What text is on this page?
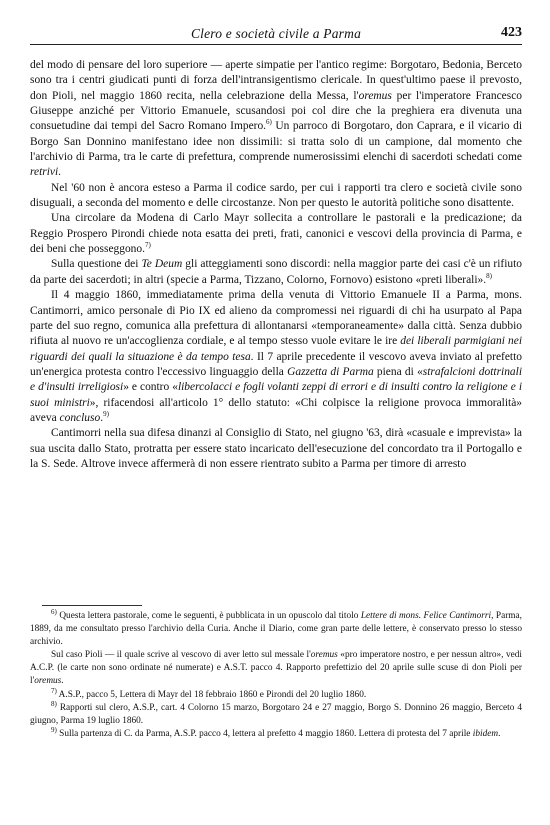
Clero e società civile a Parma	423

del modo di pensare del loro superiore — aperte simpatie per l'antico regime: Borgotaro, Bedonia, Berceto sono tra i centri giudicati punti di forza dell'intransigentismo clericale. In quest'ultimo paese il prevosto, don Pioli, nel maggio 1860 recita, nella celebrazione della Messa, l'oremus per l'imperatore Francesco Giuseppe anziché per Vittorio Emanuele, scusandosi poi col dire che la preghiera era divenuta una consuetudine dai tempi del Sacro Romano Impero.$^{6)}$ Un parroco di Borgotaro, don Caprara, e il vicario di Borgo San Donnino manifestano idee non dissimili: si tratta solo di un campione, dal momento che l'archivio di Parma, tra le carte di prefettura, comprende numerosissimi elenchi di sacerdoti schedati come retrivi.

Nel '60 non è ancora esteso a Parma il codice sardo, per cui i rapporti tra clero e società civile sono disuguali, a seconda del momento e delle circostanze. Non per questo le autorità politiche sono disattente.

Una circolare da Modena di Carlo Mayr sollecita a controllare le pastorali e la predicazione; da Reggio Prospero Pirondi chiede nota esatta dei preti, frati, canonici e vescovi della provincia di Parma, e dei beni che posseggono.$^{7)}$

Sulla questione dei Te Deum gli atteggiamenti sono discordi: nella maggior parte dei casi c'è un rifiuto da parte dei sacerdoti; in altri (specie a Parma, Tizzano, Colorno, Fornovo) esistono «preti liberali».$^{8)}$

Il 4 maggio 1860, immediatamente prima della venuta di Vittorio Emanuele II a Parma, mons. Cantimorri, amico personale di Pio IX ed alieno da compromessi nei riguardi di chi ha usurpato al Papa parte del suo regno, comunica alla prefettura di allontanarsi «temporaneamente» dalla città. Senza dubbio rifiuta al nuovo re un'accoglienza cordiale, e al tempo stesso vuole evitare le ire dei liberali parmigiani nei riguardi dei quali la situazione è da tempo tesa. Il 7 aprile precedente il vescovo aveva inviato al prefetto un'energica protesta contro l'eccessivo linguaggio della Gazzetta di Parma piena di «strafalcioni dottrinali e d'insulti irreligiosi» e contro «libercolacci e fogli volanti zeppi di errori e di insulti contro la religione e i suoi ministri», rifacendosi all'articolo 1° dello statuto: «Chi colpisce la religione provoca immoralità» aveva concluso.$^{9)}$

Cantimorri nella sua difesa dinanzi al Consiglio di Stato, nel giugno '63, dirà «casuale e imprevista» la sua uscita dallo Stato, protratta per essere stato incaricato dell'esecuzione del concordato tra il Portogallo e la S. Sede. Altrove invece affermerà di non essere rientrato subito a Parma per timore di arresto

$^{6)}$ Questa lettera pastorale, come le seguenti, è pubblicata in un opuscolo dal titolo Lettere di mons. Felice Cantimorri, Parma, 1889, da me consultato presso l'archivio della Curia. Anche il Diario, come gran parte delle lettere, è conservato presso lo stesso archivio.

Sul caso Pioli — il quale scrive al vescovo di aver letto sul messale l'oremus «pro imperatore nostro, e per nessun altro», vedi A.C.P. (le carte non sono ordinate né numerate) e A.S.T. pacco 4. Rapporto prefettizio del 20 aprile sulle scuse di don Pioli per l'oremus.

$^{7)}$ A.S.P., pacco 5, Lettera di Mayr del 18 febbraio 1860 e Pirondi del 20 luglio 1860.

$^{8)}$ Rapporti sul clero, A.S.P., cart. 4 Colorno 15 marzo, Borgotaro 24 e 27 maggio, Borgo S. Donnino 26 maggio, Berceto 4 giugno, Parma 19 luglio 1860.

$^{9)}$ Sulla partenza di C. da Parma, A.S.P. pacco 4, lettera al prefetto 4 maggio 1860. Lettera di protesta del 7 aprile ibidem.
